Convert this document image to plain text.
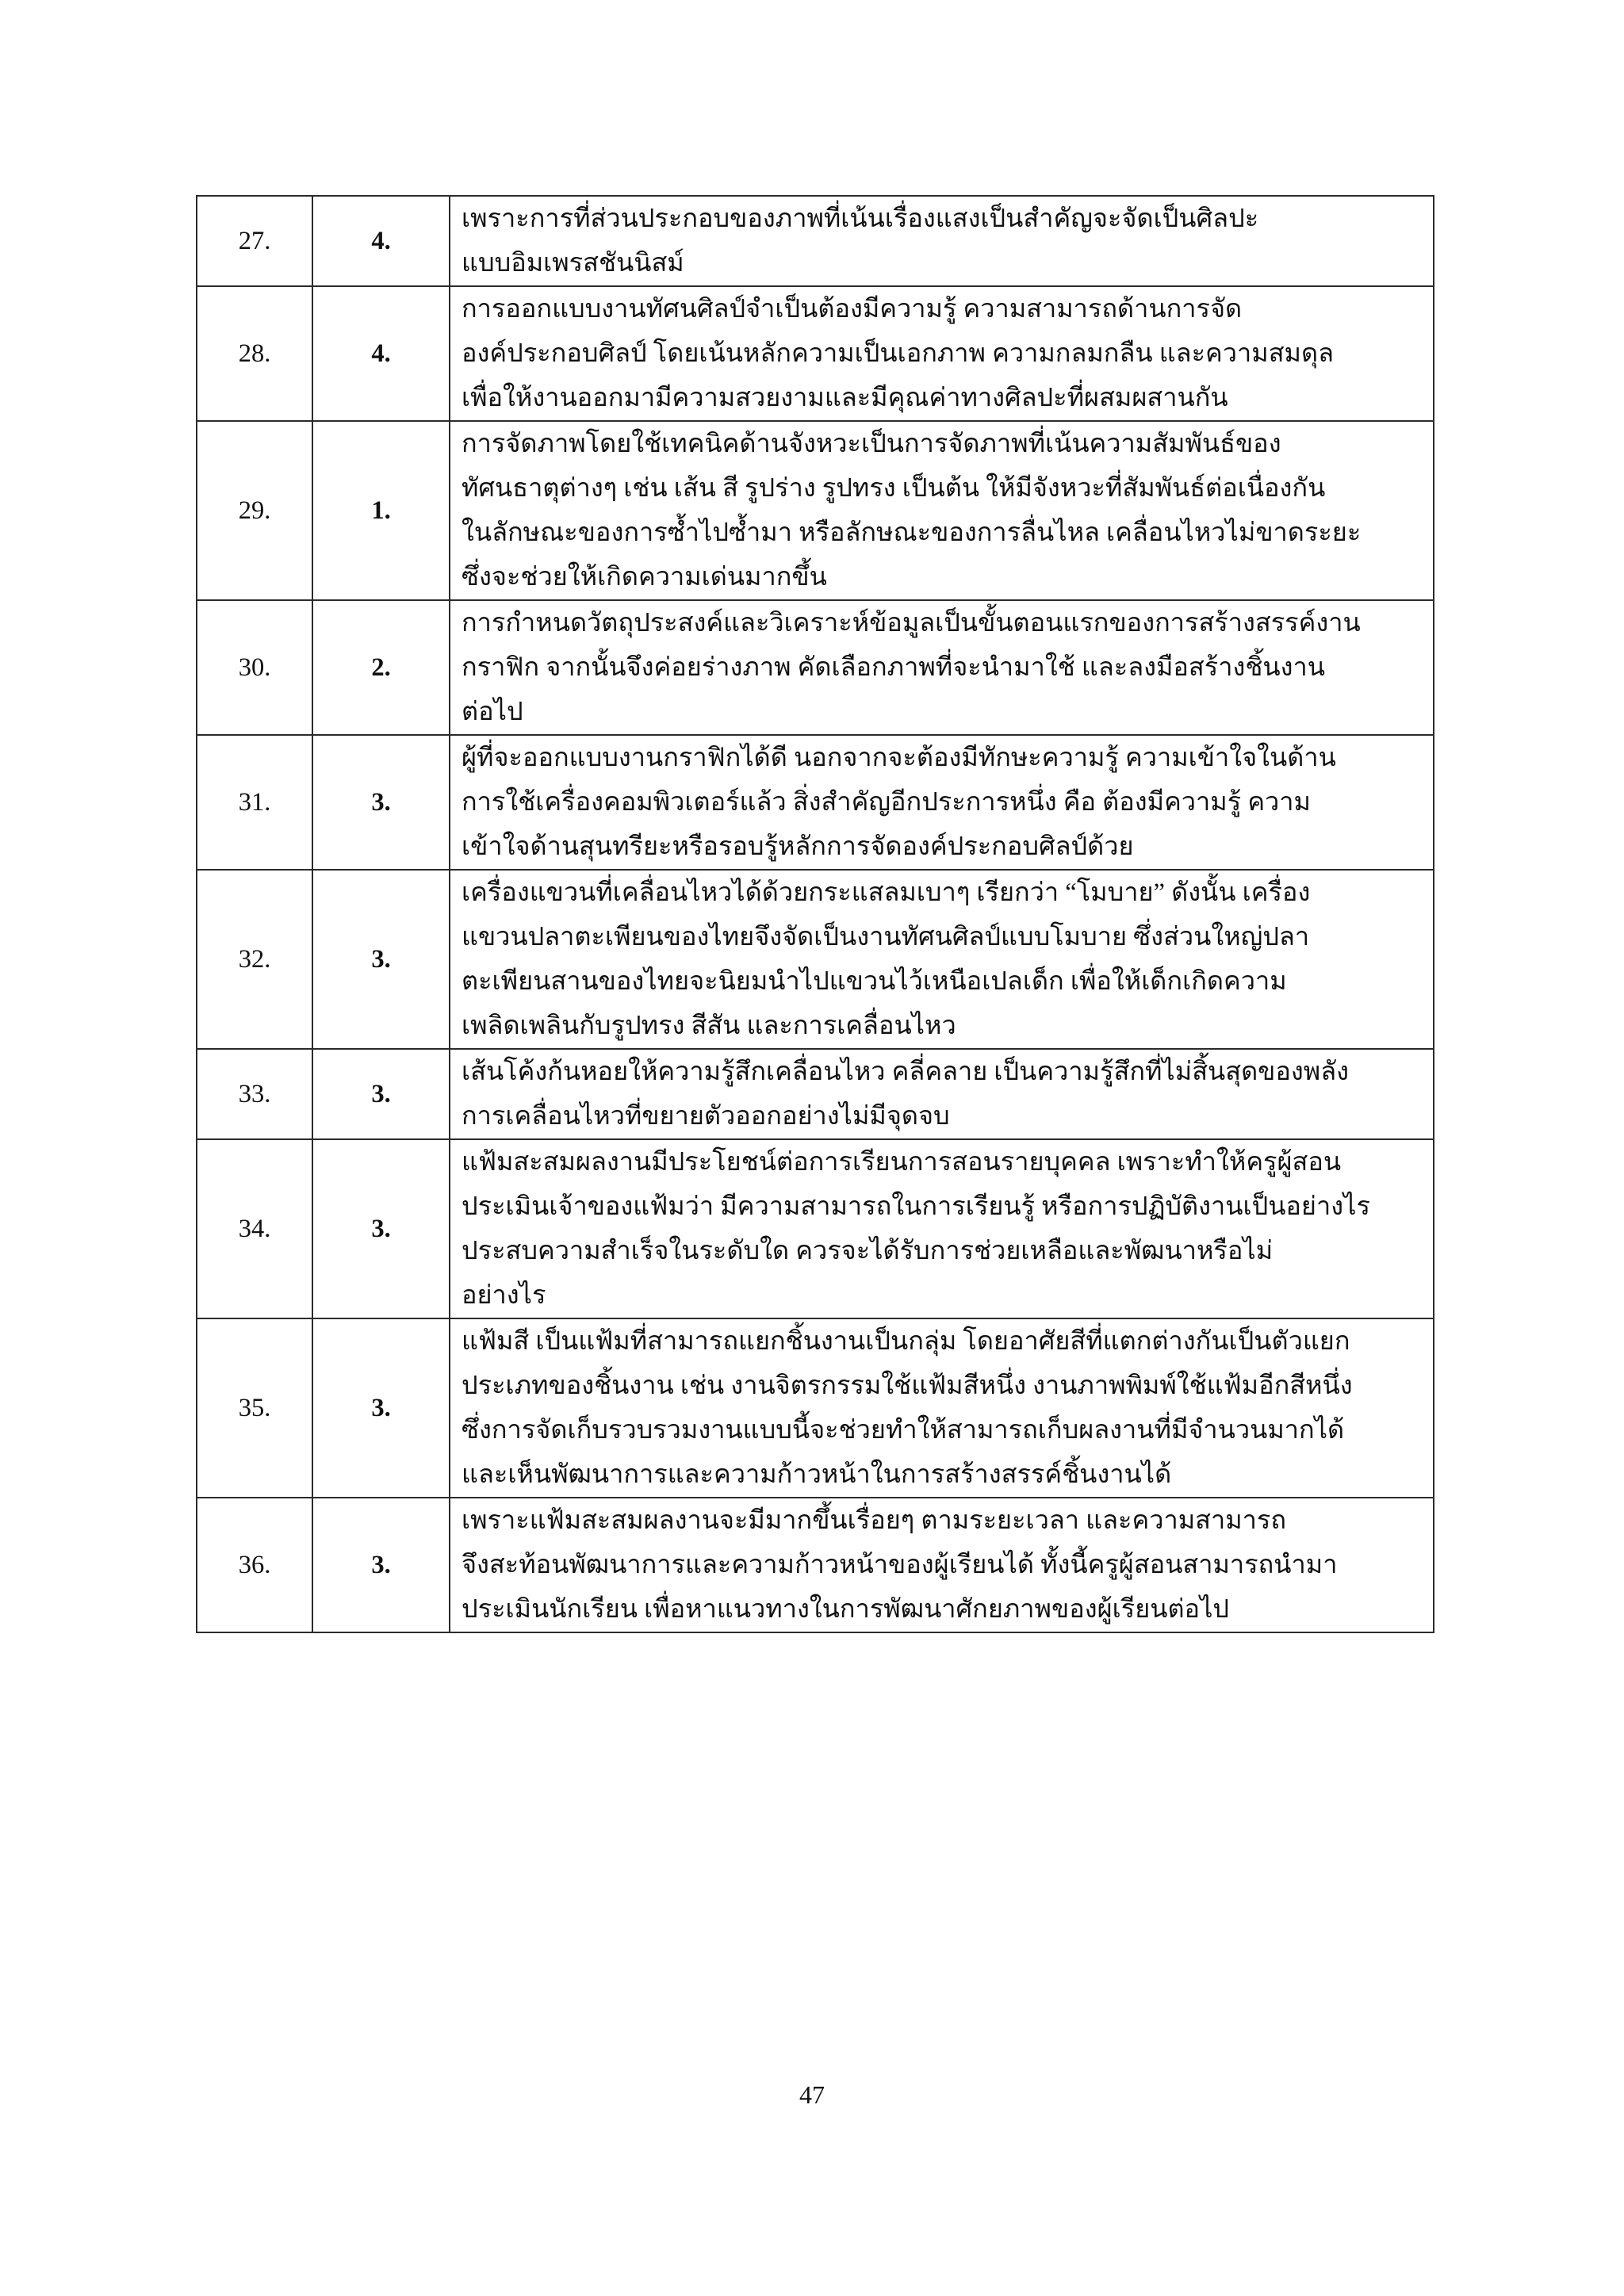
27.	4.	เพราะการที่ส่วนประกอบของภาพที่เน้นเรื่องแสงเป็นสำคัญจะจัดเป็นศิลปะ
แบบอิมเพรสชันนิสม์

28.	4.	การออกแบบงานทัศนศิลป์จำเป็นต้องมีความรู้ ความสามารถด้านการจัด
องค์ประกอบศิลป์ โดยเน้นหลักความเป็นเอกภาพ ความกลมกลืน และความสมดุล
เพื่อให้งานออกมามีความสวยงามและมีคุณค่าทางศิลปะที่ผสมผสานกัน

29.	1.	การจัดภาพโดยใช้เทคนิคด้านจังหวะเป็นการจัดภาพที่เน้นความสัมพันธ์ของ
ทัศนธาตุต่างๆ เช่น เส้น สี รูปร่าง รูปทรง เป็นต้น ให้มีจังหวะที่สัมพันธ์ต่อเนื่องกัน
ในลักษณะของการซ้ำไปซ้ำมา หรือลักษณะของการลื่นไหล เคลื่อนไหวไม่ขาดระยะ
ซึ่งจะช่วยให้เกิดความเด่นมากขึ้น

30.	2.	การกำหนดวัตถุประสงค์และวิเคราะห์ข้อมูลเป็นขั้นตอนแรกของการสร้างสรรค์งาน
กราฟิก จากนั้นจึงค่อยร่างภาพ คัดเลือกภาพที่จะนำมาใช้ และลงมือสร้างชิ้นงาน
ต่อไป

31.	3.	ผู้ที่จะออกแบบงานกราฟิกได้ดี นอกจากจะต้องมีทักษะความรู้ ความเข้าใจในด้าน
การใช้เครื่องคอมพิวเตอร์แล้ว สิ่งสำคัญอีกประการหนึ่ง คือ ต้องมีความรู้ ความ
เข้าใจด้านสุนทรียะหรือรอบรู้หลักการจัดองค์ประกอบศิลป์ด้วย

32.	3.	เครื่องแขวนที่เคลื่อนไหวได้ด้วยกระแสลมเบาๆ เรียกว่า “โมบาย” ดังนั้น เครื่อง
แขวนปลาตะเพียนของไทยจึงจัดเป็นงานทัศนศิลป์แบบโมบาย ซึ่งส่วนใหญ่ปลา
ตะเพียนสานของไทยจะนิยมนำไปแขวนไว้เหนือเปลเด็ก เพื่อให้เด็กเกิดความ
เพลิดเพลินกับรูปทรง สีสัน และการเคลื่อนไหว

33.	3.	เส้นโค้งก้นหอยให้ความรู้สึกเคลื่อนไหว คลี่คลาย เป็นความรู้สึกที่ไม่สิ้นสุดของพลัง
การเคลื่อนไหวที่ขยายตัวออกอย่างไม่มีจุดจบ

34.	3.	แฟ้มสะสมผลงานมีประโยชน์ต่อการเรียนการสอนรายบุคคล เพราะทำให้ครูผู้สอน
ประเมินเจ้าของแฟ้มว่า มีความสามารถในการเรียนรู้ หรือการปฏิบัติงานเป็นอย่างไร
ประสบความสำเร็จในระดับใด ควรจะได้รับการช่วยเหลือและพัฒนาหรือไม่
อย่างไร

35.	3.	แฟ้มสี เป็นแฟ้มที่สามารถแยกชิ้นงานเป็นกลุ่ม โดยอาศัยสีที่แตกต่างกันเป็นตัวแยก
ประเภทของชิ้นงาน เช่น งานจิตรกรรมใช้แฟ้มสีหนึ่ง งานภาพพิมพ์ใช้แฟ้มอีกสีหนึ่ง
ซึ่งการจัดเก็บรวบรวมงานแบบนี้จะช่วยทำให้สามารถเก็บผลงานที่มีจำนวนมากได้
และเห็นพัฒนาการและความก้าวหน้าในการสร้างสรรค์ชิ้นงานได้

36.	3.	เพราะแฟ้มสะสมผลงานจะมีมากขึ้นเรื่อยๆ ตามระยะเวลา และความสามารถ
จึงสะท้อนพัฒนาการและความก้าวหน้าของผู้เรียนได้ ทั้งนี้ครูผู้สอนสามารถนำมา
ประเมินนักเรียน เพื่อหาแนวทางในการพัฒนาศักยภาพของผู้เรียนต่อไป
47
